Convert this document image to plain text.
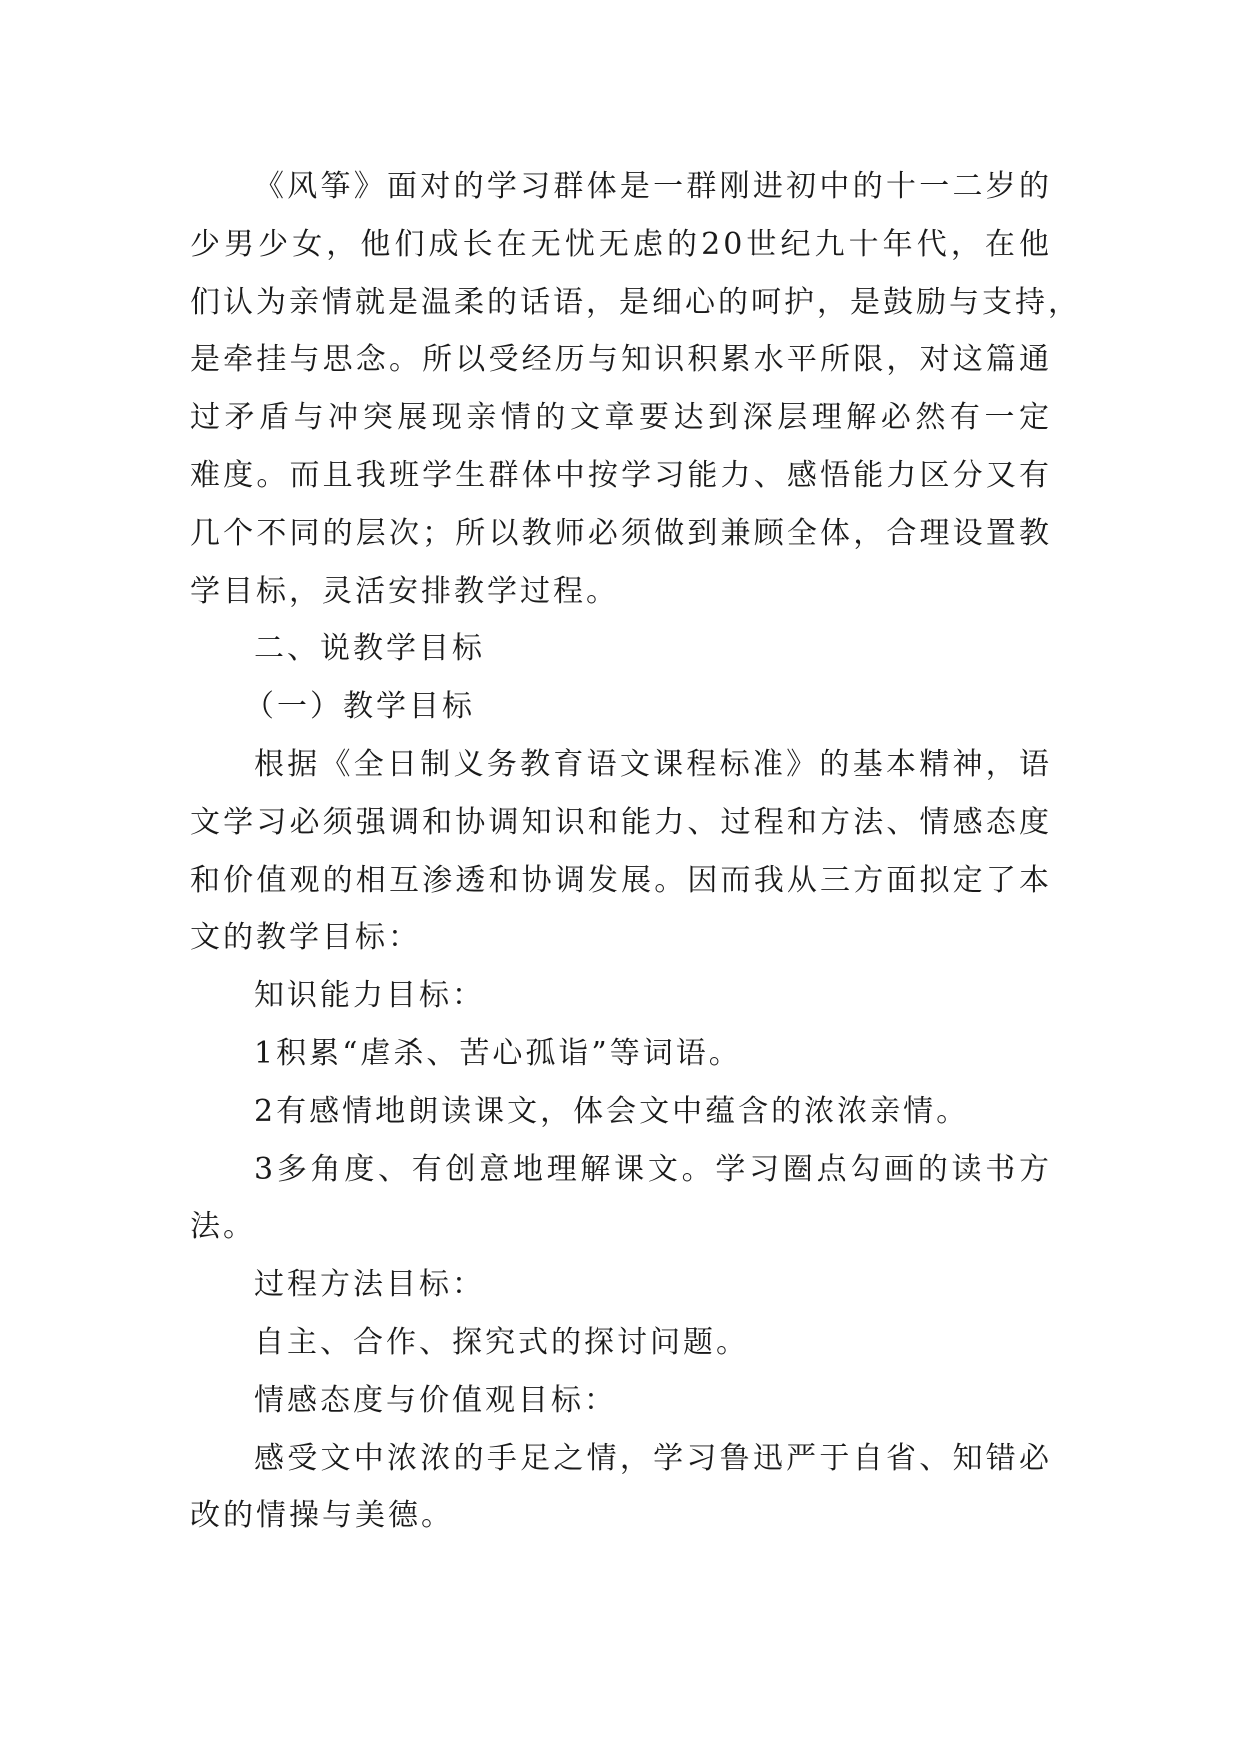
《风筝》面对的学习群体是一群刚进初中的十一二岁的
少男少女，他们成长在无忧无虑的20世纪九十年代，在他
们认为亲情就是温柔的话语，是细心的呵护，是鼓励与支持，
是牵挂与思念。所以受经历与知识积累水平所限，对这篇通
过矛盾与冲突展现亲情的文章要达到深层理解必然有一定
难度。而且我班学生群体中按学习能力、感悟能力区分又有
几个不同的层次；所以教师必须做到兼顾全体，合理设置教
学目标，灵活安排教学过程。
二、说教学目标
（一）教学目标
根据《全日制义务教育语文课程标准》的基本精神，语
文学习必须强调和协调知识和能力、过程和方法、情感态度
和价值观的相互渗透和协调发展。因而我从三方面拟定了本
文的教学目标：
知识能力目标：
1积累“虐杀、苦心孤诣”等词语。
2有感情地朗读课文，体会文中蕴含的浓浓亲情。
3多角度、有创意地理解课文。学习圈点勾画的读书方
法。
过程方法目标：
自主、合作、探究式的探讨问题。
情感态度与价值观目标：
感受文中浓浓的手足之情，学习鲁迅严于自省、知错必
改的情操与美德。
